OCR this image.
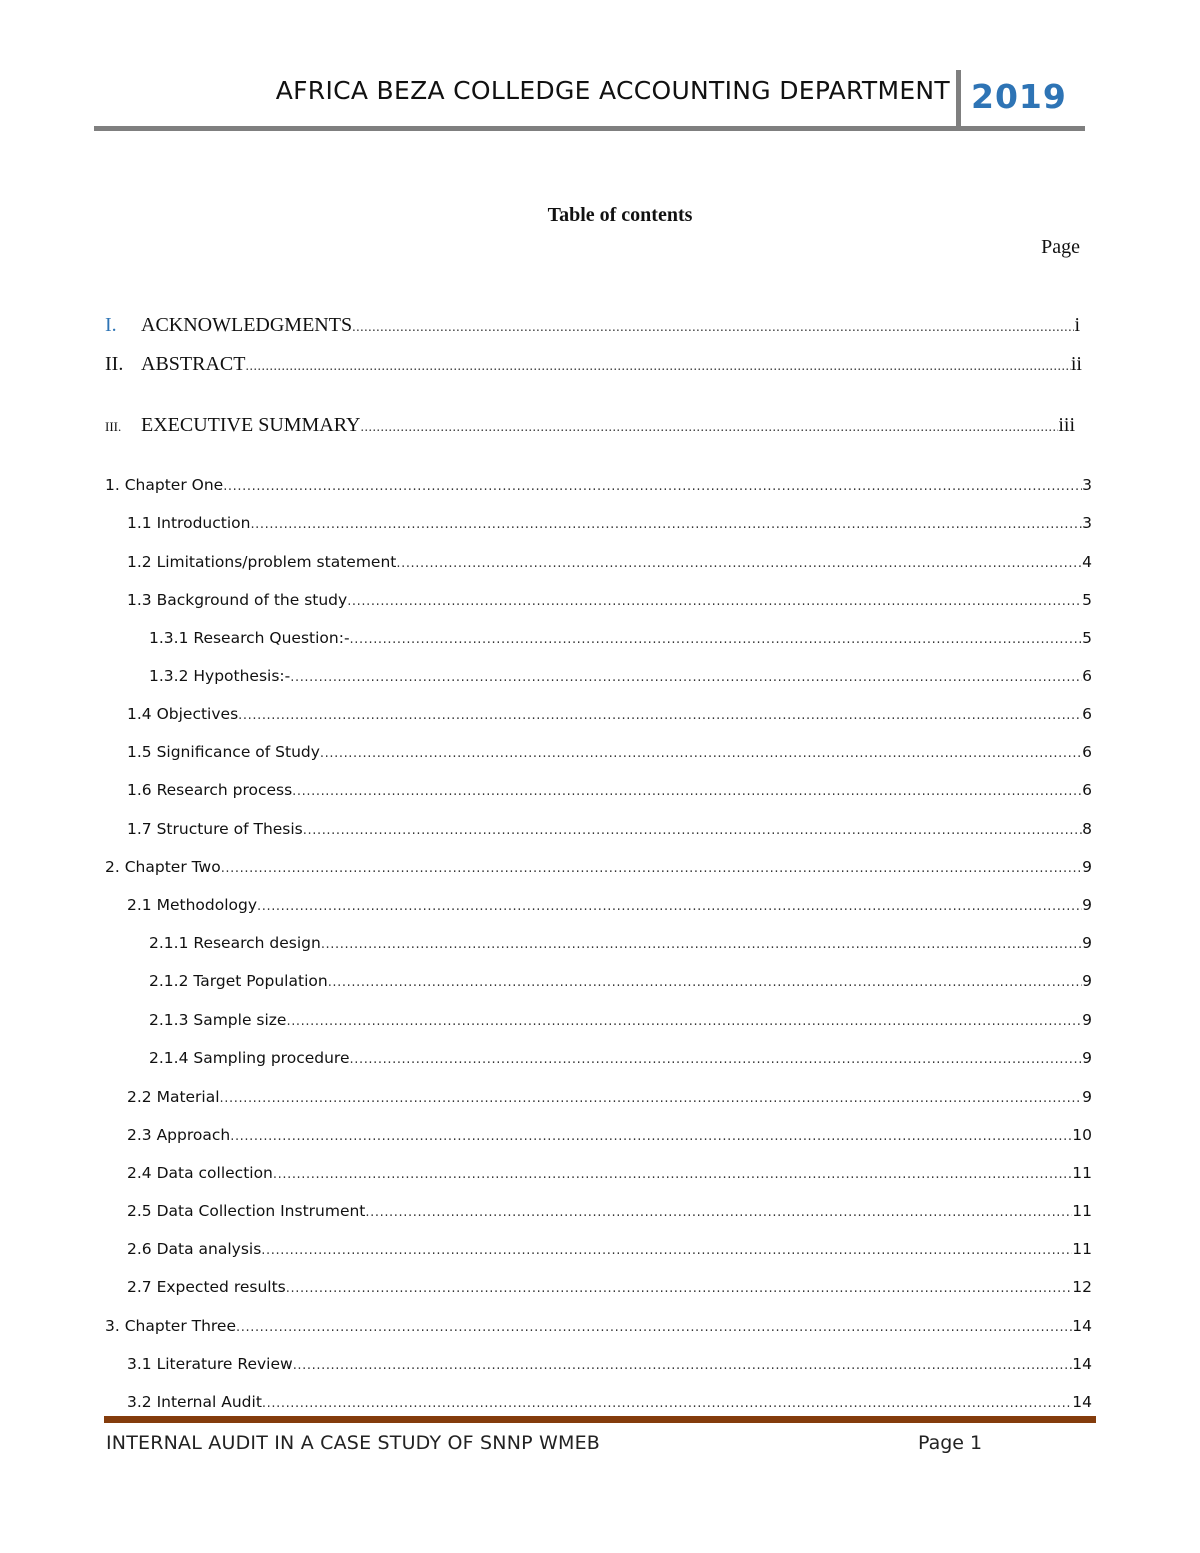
AFRICA BEZA COLLEDGE ACCOUNTING DEPARTMENT 2019
Table of contents
Page
I.	ACKNOWLEDGMENTS .....	i
II. ABSTRACT .....	ii
III. EXECUTIVE SUMMARY .....	iii
1. Chapter One .....	3
1.1 Introduction .....	3
1.2 Limitations/problem statement .....	4
1.3 Background of the study .....	5
1.3.1 Research Question:- .....	5
1.3.2 Hypothesis:- .....	6
1.4 Objectives .....	6
1.5 Significance of Study .....	6
1.6 Research process .....	6
1.7 Structure of Thesis .....	8
2. Chapter Two .....	9
2.1 Methodology .....	9
2.1.1 Research design .....	9
2.1.2 Target Population .....	9
2.1.3 Sample size .....	9
2.1.4 Sampling procedure .....	9
2.2 Material .....	9
2.3 Approach .....	10
2.4 Data collection .....	11
2.5 Data Collection Instrument .....	11
2.6 Data analysis .....	11
2.7 Expected results .....	12
3. Chapter Three .....	14
3.1 Literature Review .....	14
3.2 Internal Audit .....	14
INTERNAL AUDIT IN A CASE STUDY OF SNNP WMEB	Page 1
